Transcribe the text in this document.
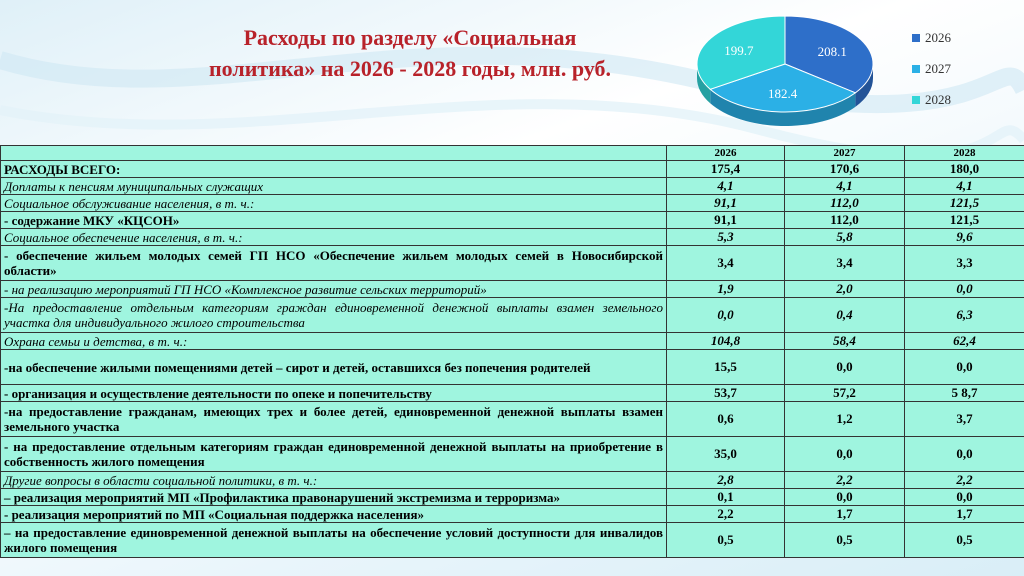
Расходы по разделу «Социальная политика» на 2026 - 2028 годы, млн. руб.
208.1
182.4
199.7
2026
2027
2028
	2026	2027	2028
РАСХОДЫ ВСЕГО:	175,4	170,6	180,0
Доплаты к пенсиям муниципальных служащих	4,1	4,1	4,1
Социальное обслуживание населения, в т. ч.:	91,1	112,0	121,5
- содержание МКУ «КЦСОН»	91,1	112,0	121,5
Социальное обеспечение населения, в т. ч.:	5,3	5,8	9,6
- обеспечение жильем молодых семей ГП НСО «Обеспечение жильем молодых семей в Новосибирской области»	3,4	3,4	3,3
- на реализацию мероприятий ГП НСО «Комплексное развитие сельских территорий»	1,9	2,0	0,0
-На предоставление отдельным категориям граждан единовременной денежной выплаты взамен земельного участка для индивидуального жилого строительства	0,0	0,4	6,3
Охрана семьи и детства, в т. ч.:	104,8	58,4	62,4
-на обеспечение жилыми помещениями детей – сирот и детей, оставшихся без попечения родителей	15,5	0,0	0,0
- организация и осуществление деятельности по опеке и попечительству	53,7	57,2	5 8,7
-на предоставление гражданам, имеющих трех и более детей, единовременной денежной выплаты взамен земельного участка	0,6	1,2	3,7
- на предоставление отдельным категориям граждан единовременной денежной выплаты на приобретение в собственность жилого помещения	35,0	0,0	0,0
Другие вопросы в области социальной политики, в т. ч.:	2,8	2,2	2,2
– реализация мероприятий МП «Профилактика правонарушений экстремизма и терроризма»	0,1	0,0	0,0
- реализация мероприятий по МП «Социальная поддержка населения»	2,2	1,7	1,7
– на предоставление единовременной денежной выплаты на обеспечение условий доступности для инвалидов жилого помещения	0,5	0,5	0,5
